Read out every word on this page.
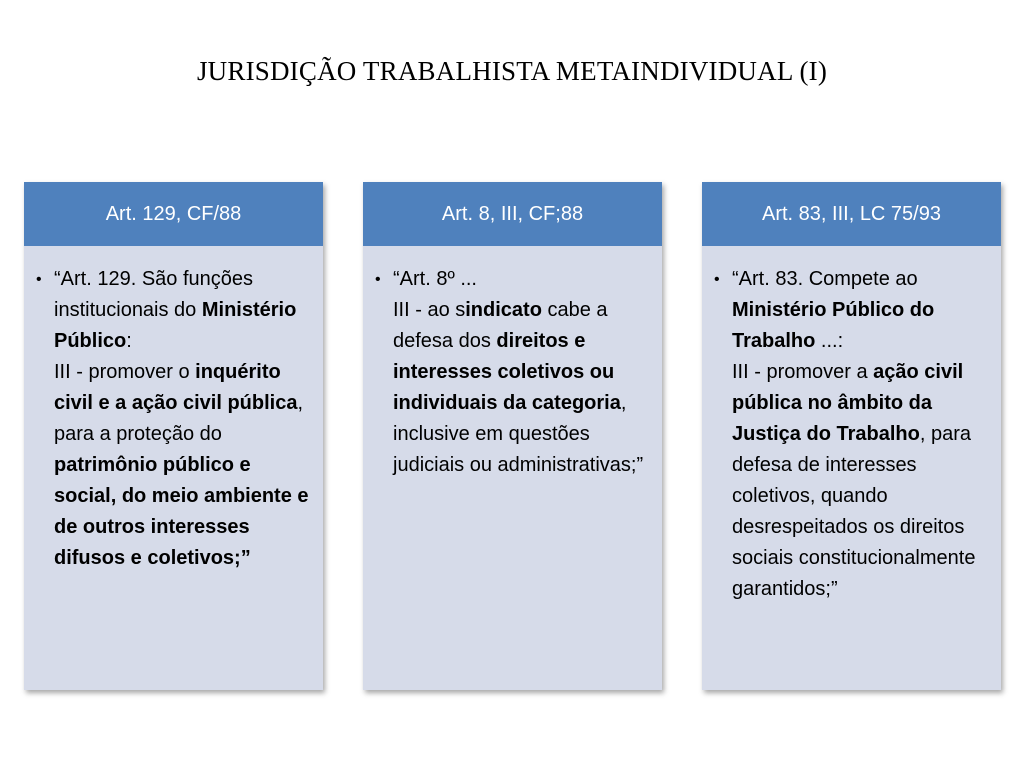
JURISDIÇÃO TRABALHISTA METAINDIVIDUAL (I)
Art. 129, CF/88
• “Art. 129. São funções institucionais do Ministério Público:
III - promover o inquérito civil e a ação civil pública, para a proteção do patrimônio público e social, do meio ambiente e de outros interesses difusos e coletivos;”
Art. 8, III, CF;88
• “Art. 8º ...
III - ao sindicato cabe a defesa dos direitos e interesses coletivos ou individuais da categoria, inclusive em questões judiciais ou administrativas;”
Art. 83, III, LC 75/93
• “Art. 83. Compete ao Ministério Público do Trabalho ...:
III - promover a ação civil pública no âmbito da Justiça do Trabalho, para defesa de interesses coletivos, quando desrespeitados os direitos sociais constitucionalmente garantidos;”
